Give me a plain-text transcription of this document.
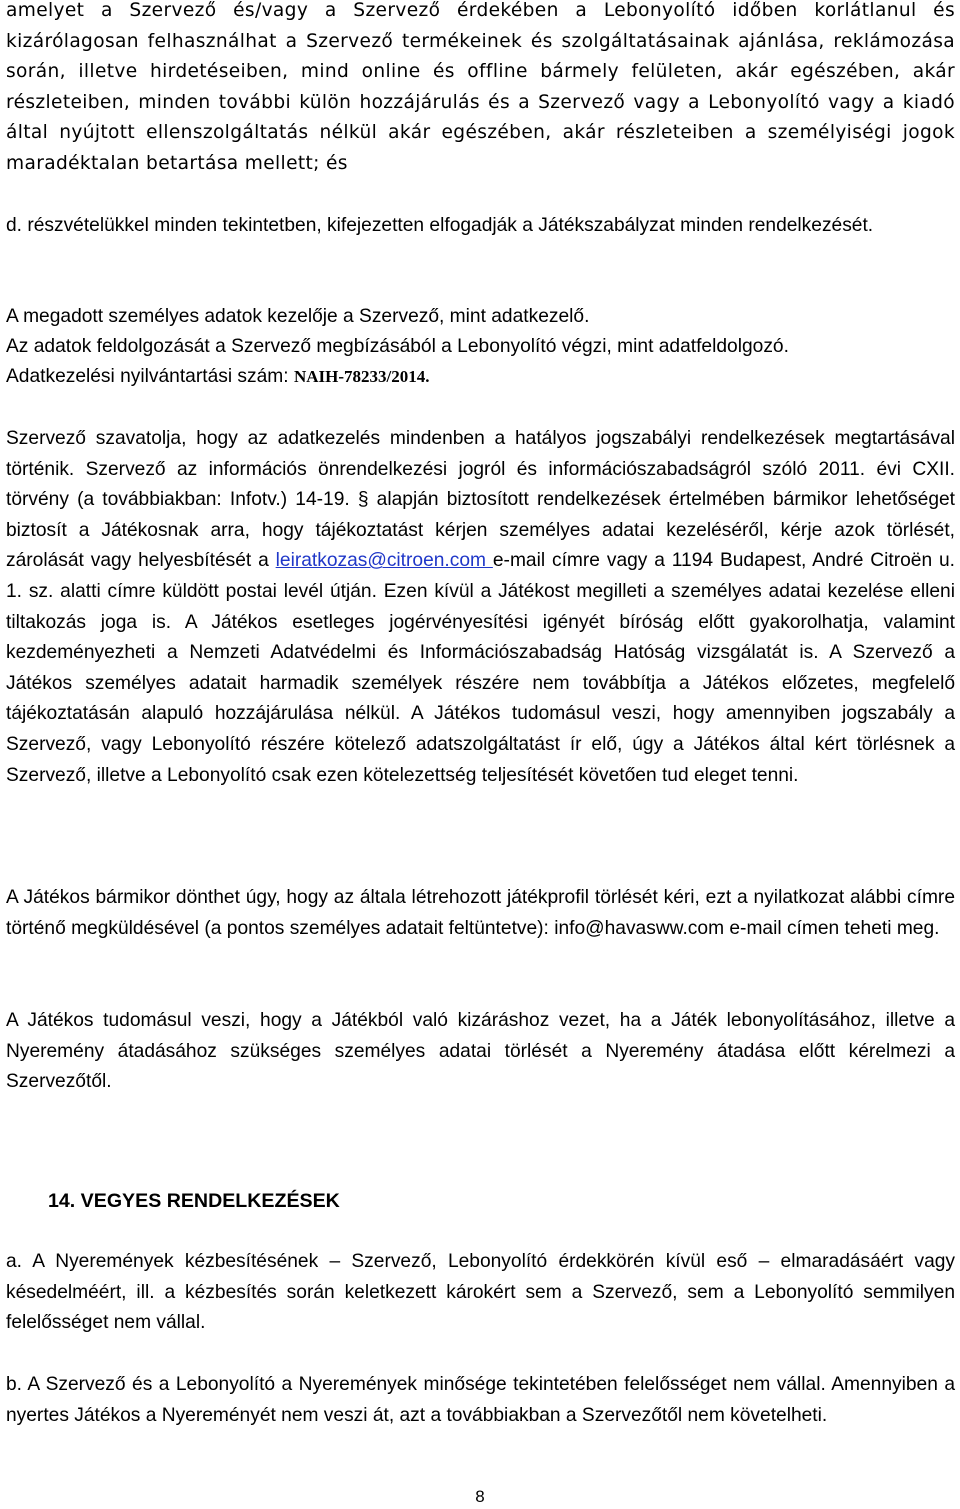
amelyet a Szervező és/vagy a Szervező érdekében a Lebonyolító időben korlátlanul és kizárólagosan felhasználhat a Szervező termékeinek és szolgáltatásainak ajánlása, reklámozása során, illetve hirdetéseiben, mind online és offline bármely felületen, akár egészében, akár részleteiben, minden további külön hozzájárulás és a Szervező vagy a Lebonyolító vagy a kiadó által nyújtott ellenszolgáltatás nélkül akár egészében, akár részleteiben a személyiségi jogok maradéktalan betartása mellett; és

d. részvételükkel minden tekintetben, kifejezetten elfogadják a Játékszabályzat minden rendelkezését.

A megadott személyes adatok kezelője a Szervező, mint adatkezelő.

Az adatok feldolgozását a Szervező megbízásából a Lebonyolító végzi, mint adatfeldolgozó.

Adatkezelési nyilvántartási szám: NAIH-78233/2014.

Szervező szavatolja, hogy az adatkezelés mindenben a hatályos jogszabályi rendelkezések megtartásával történik. Szervező az információs önrendelkezési jogról és információszabadságról szóló 2011. évi CXII. törvény (a továbbiakban: Infotv.) 14-19. § alapján biztosított rendelkezések értelmében bármikor lehetőséget biztosít a Játékosnak arra, hogy tájékoztatást kérjen személyes adatai kezeléséről, kérje azok törlését, zárolását vagy helyesbítését a leiratkozas@citroen.com e-mail címre vagy a 1194 Budapest, André Citroën u. 1. sz. alatti címre küldött postai levél útján. Ezen kívül a Játékost megilleti a személyes adatai kezelése elleni tiltakozás joga is. A Játékos esetleges jogérvényesítési igényét bíróság előtt gyakorolhatja, valamint kezdeményezheti a Nemzeti Adatvédelmi és Információszabadság Hatóság vizsgálatát is. A Szervező a Játékos személyes adatait harmadik személyek részére nem továbbítja a Játékos előzetes, megfelelő tájékoztatásán alapuló hozzájárulása nélkül. A Játékos tudomásul veszi, hogy amennyiben jogszabály a Szervező, vagy Lebonyolító részére kötelező adatszolgáltatást ír elő, úgy a Játékos által kért törlésnek a Szervező, illetve a Lebonyolító csak ezen kötelezettség teljesítését követően tud eleget tenni.

A Játékos bármikor dönthet úgy, hogy az általa létrehozott játékprofil törlését kéri, ezt a nyilatkozat alábbi címre történő megküldésével (a pontos személyes adatait feltüntetve): info@havasww.com e-mail címen teheti meg.

A Játékos tudomásul veszi, hogy a Játékból való kizáráshoz vezet, ha a Játék lebonyolításához, illetve a Nyeremény átadásához szükséges személyes adatai törlését a Nyeremény átadása előtt kérelmezi a Szervezőtől.

14. VEGYES RENDELKEZÉSEK

a. A Nyeremények kézbesítésének – Szervező, Lebonyolító érdekkörén kívül eső – elmaradásáért vagy késedelméért, ill. a kézbesítés során keletkezett károkért sem a Szervező, sem a Lebonyolító semmilyen felelősséget nem vállal.

b. A Szervező és a Lebonyolító a Nyeremények minősége tekintetében felelősséget nem vállal. Amennyiben a nyertes Játékos a Nyereményét nem veszi át, azt a továbbiakban a Szervezőtől nem követelheti.

8
